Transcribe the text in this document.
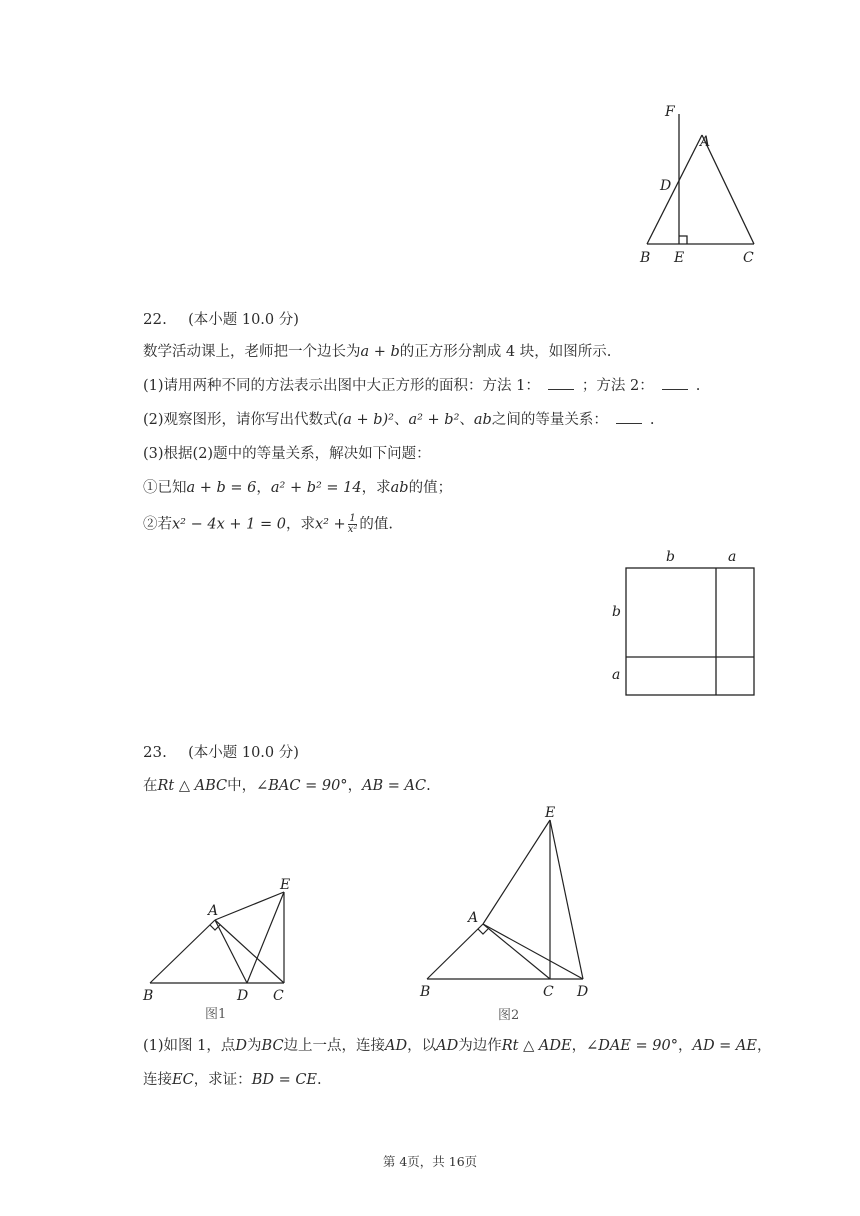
F
A
D
B E	C
22. (本小题 10.0 分)
数学活动课上，老师把一个边长为a + b的正方形分割成 4 块，如图所示.
(1)请用两种不同的方法表示出图中大正方形的面积：方法 1：	；方法 2：	.
(2)观察图形，请你写出代数式(a + b)²、a² + b²、ab之间的等量关系：	.
(3)根据(2)题中的等量关系，解决如下问题：
①已知a + b = 6，a² + b² = 14，求ab的值；
②若x² − 4x + 1 = 0，求$x^2 + \frac{1}{\text{x²}}$ 的值.
b	a
b
a
23. (本小题 10.0 分)
在Rt △ ABC中，∠BAC = 90°，AB = AC.
A
E
B	D C
图1
E
A
B	C D
图2
(1)如图 1，点D为BC边上一点，连接AD，以AD为边作Rt △ ADE，∠DAE = 90°，AD = AE，
连接EC，求证：BD = CE.
第 4页，共 16页
